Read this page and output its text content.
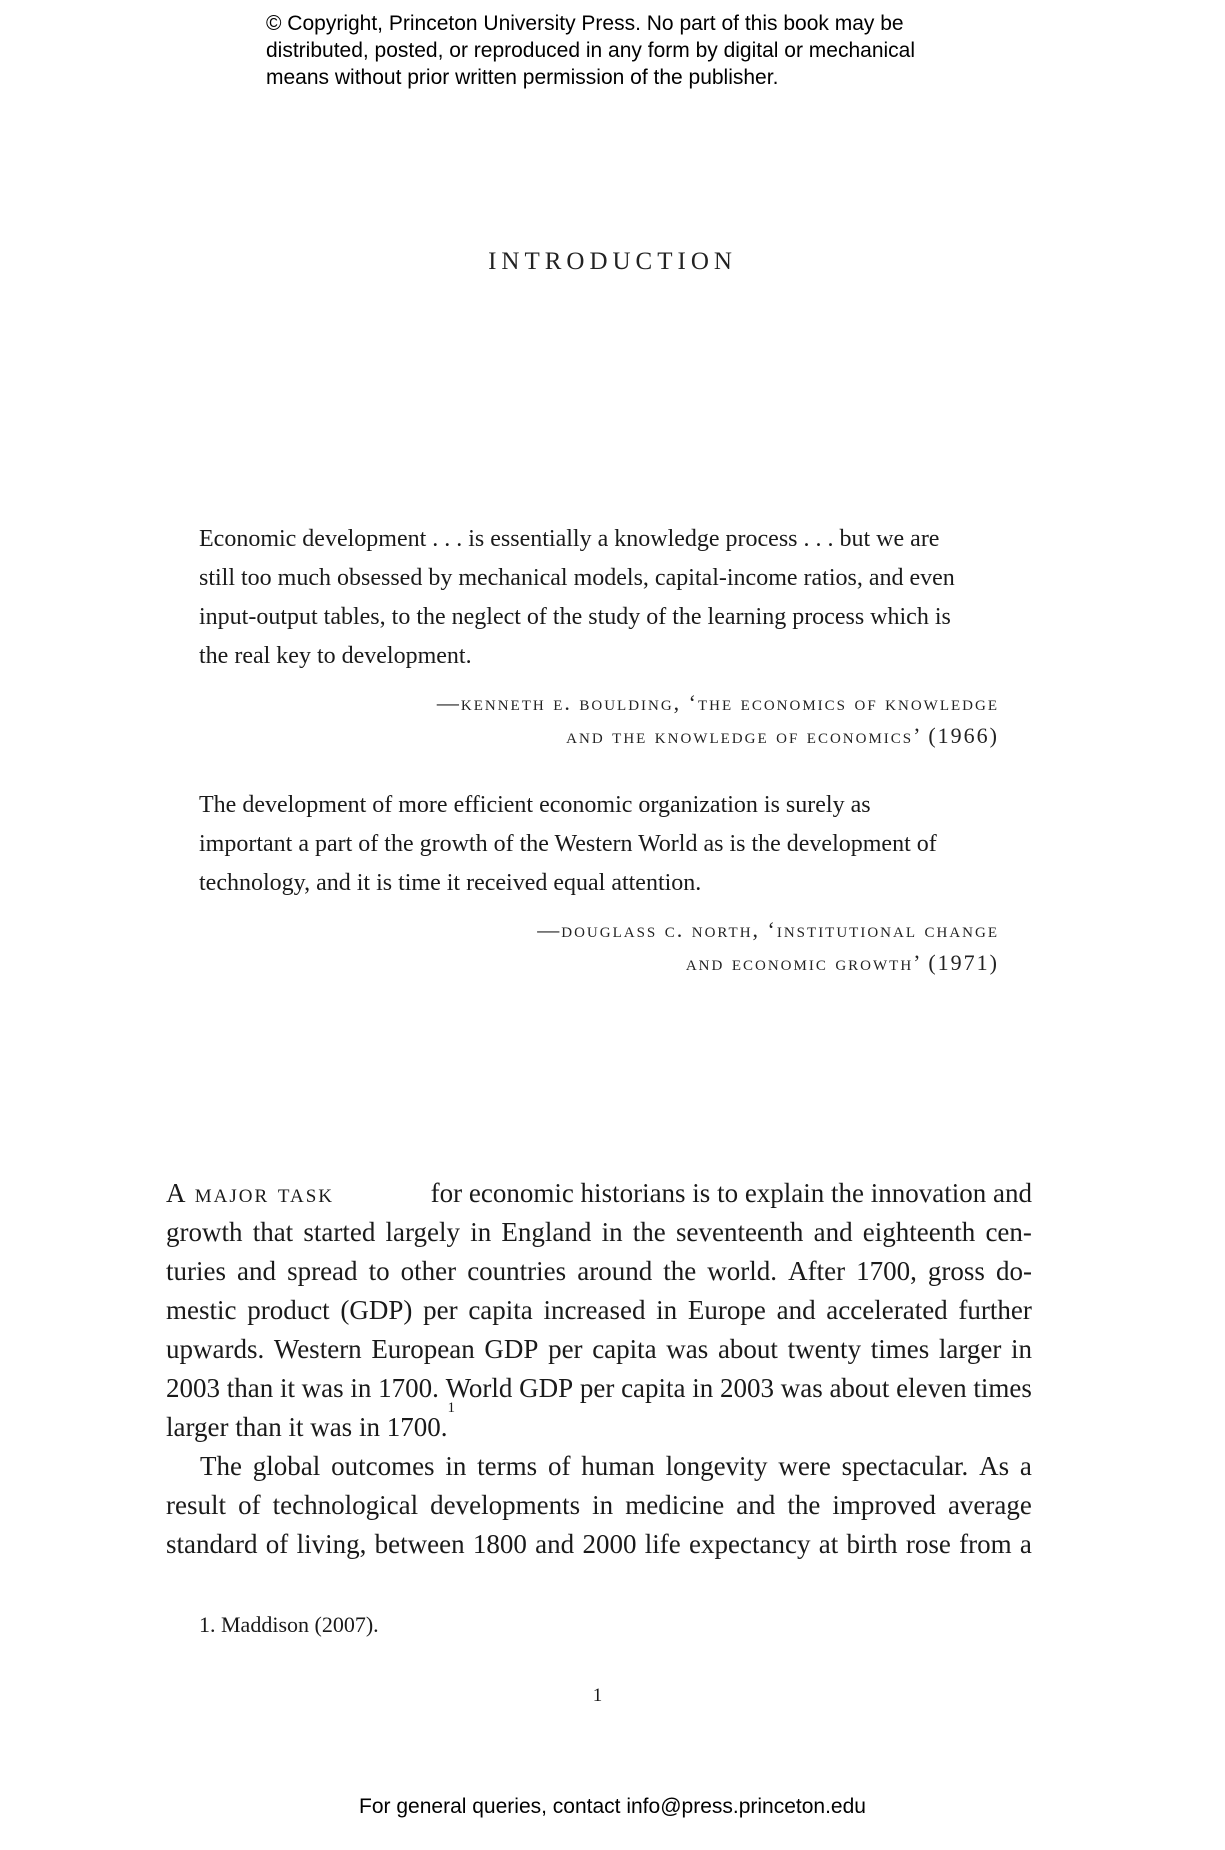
© Copyright, Princeton University Press. No part of this book may be
distributed, posted, or reproduced in any form by digital or mechanical
means without prior written permission of the publisher.
INTRODUCTION
Economic development . . . is essentially a knowledge process . . . but we are
still too much obsessed by mechanical models, capital-income ratios, and even
input-output tables, to the neglect of the study of the learning process which is
the real key to development.
—kenneth e. boulding, ‘the economics of knowledge
and the knowledge of economics’ (1966)
The development of more efficient economic organization is surely as
important a part of the growth of the Western World as is the development of
technology, and it is time it received equal attention.
—douglass c. north, ‘institutional change
and economic growth’ (1971)
A major task	for economic historians is to explain the innovation and
growth that started largely in England in the seventeenth and eighteenth cen-
turies and spread to other countries around the world. After 1700, gross do-
mestic product (GDP) per capita increased in Europe and accelerated further
upwards. Western European GDP per capita was about twenty times larger in
2003 than it was in 1700. World GDP per capita in 2003 was about eleven times
larger than it was in 1700.
1
The global outcomes in terms of human longevity were spectacular. As a
result of technological developments in medicine and the improved average
standard of living, between 1800 and 2000 life expectancy at birth rose from a
1. Maddison (2007).
1
For general queries, contact info@press.princeton.edu
